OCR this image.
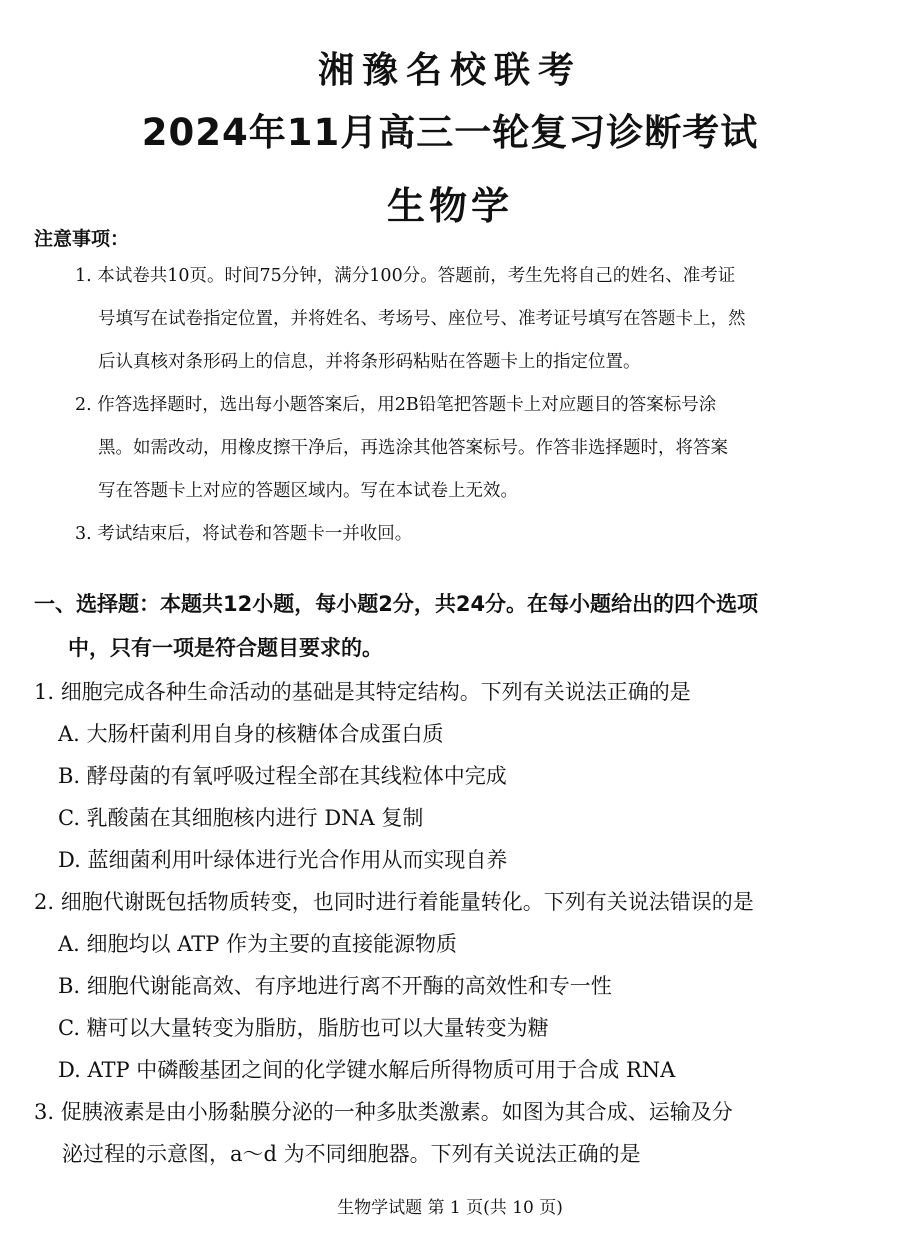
湘豫名校联考
2024年11月高三一轮复习诊断考试
生物学
注意事项：
1. 本试卷共10页。时间75分钟，满分100分。答题前，考生先将自己的姓名、准考证
号填写在试卷指定位置，并将姓名、考场号、座位号、准考证号填写在答题卡上，然
后认真核对条形码上的信息，并将条形码粘贴在答题卡上的指定位置。
2. 作答选择题时，选出每小题答案后，用2B铅笔把答题卡上对应题目的答案标号涂
黑。如需改动，用橡皮擦干净后，再选涂其他答案标号。作答非选择题时，将答案
写在答题卡上对应的答题区域内。写在本试卷上无效。
3. 考试结束后，将试卷和答题卡一并收回。
一、选择题：本题共12小题，每小题2分，共24分。在每小题给出的四个选项
中，只有一项是符合题目要求的。
1. 细胞完成各种生命活动的基础是其特定结构。下列有关说法正确的是
A. 大肠杆菌利用自身的核糖体合成蛋白质
B. 酵母菌的有氧呼吸过程全部在其线粒体中完成
C. 乳酸菌在其细胞核内进行 DNA 复制
D. 蓝细菌利用叶绿体进行光合作用从而实现自养
2. 细胞代谢既包括物质转变，也同时进行着能量转化。下列有关说法错误的是
A. 细胞均以 ATP 作为主要的直接能源物质
B. 细胞代谢能高效、有序地进行离不开酶的高效性和专一性
C. 糖可以大量转变为脂肪，脂肪也可以大量转变为糖
D. ATP 中磷酸基团之间的化学键水解后所得物质可用于合成 RNA
3. 促胰液素是由小肠黏膜分泌的一种多肽类激素。如图为其合成、运输及分
泌过程的示意图，a～d 为不同细胞器。下列有关说法正确的是
生物学试题 第 1 页(共 10 页)
